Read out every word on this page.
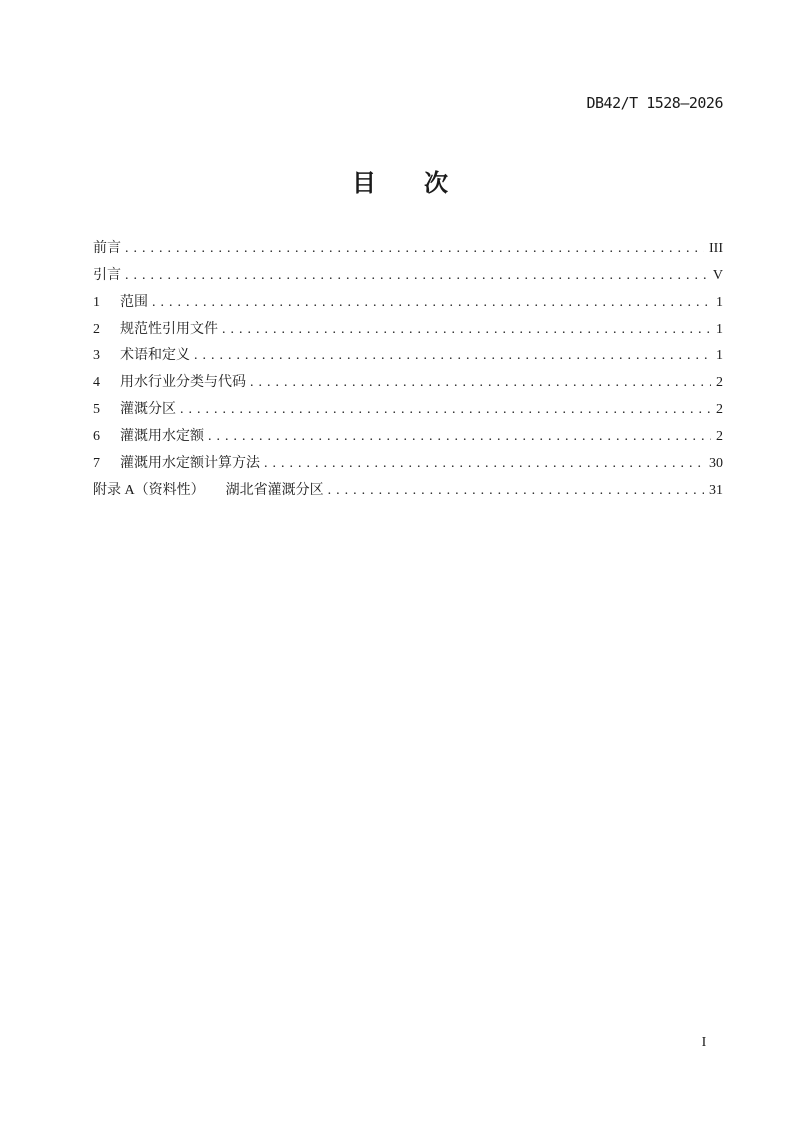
DB42/T 1528—2026
目　　次
前言 .....	III
引言 .....	V
1 范围 .....	1
2 规范性引用文件 .....	1
3 术语和定义 .....	1
4 用水行业分类与代码 .....	2
5 灌溉分区 .....	2
6 灌溉用水定额 .....	2
7 灌溉用水定额计算方法 .....	30
附录 A（资料性）　　湖北省灌溉分区 .....	31
I
